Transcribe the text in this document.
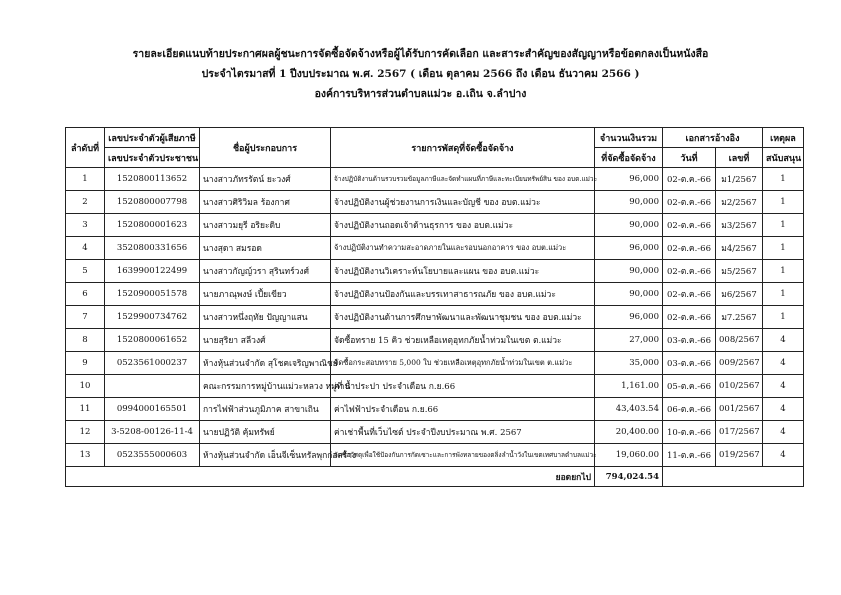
รายละเอียดแนบท้ายประกาศผลผู้ชนะการจัดซื้อจัดจ้างหรือผู้ได้รับการคัดเลือก และสาระสำคัญของสัญญาหรือข้อตกลงเป็นหนังสือ
ประจำไตรมาสที่ 1 ปีงบประมาณ พ.ศ. 2567 ( เดือน ตุลาคม 2566 ถึง เดือน ธันวาคม 2566 )
องค์การบริหารส่วนตำบลแม่วะ อ.เถิน จ.ลำปาง
ลำดับที่	เลขประจำตัวผู้เสียภาษี	ชื่อผู้ประกอบการ	รายการพัสดุที่จัดซื้อจัดจ้าง	จำนวนเงินรวม	เอกสารอ้างอิง		เหตุผล
	เลขประจำตัวประชาชน			ที่จัดซื้อจัดจ้าง	วันที่	เลขที่	สนับสนุน
1	1520800113652	นางสาวภัทรรัตน์ ยะวงศ์	จ้างปฏิบัติงานด้านรวบรวมข้อมูลภาษีและจัดทำแผนที่ภาษีและทะเบียนทรัพย์สิน ของ อบต.แม่วะ	96,000	02-ต.ค.-66	ม1/2567	1
2	1520800007798	นางสาวศิริวิมล ร้องกาศ	จ้างปฏิบัติงานผู้ช่วยงานการเงินและบัญชี ของ อบต.แม่วะ	90,000	02-ต.ค.-66	ม2/2567	1
3	1520800001623	นางสาวมยุรี อริยะดิบ	จ้างปฏิบัติงานถอดเจ้าด้านธุรการ ของ อบต.แม่วะ	90,000	02-ต.ค.-66	ม3/2567	1
4	3520800331656	นางสุดา สมรอด	จ้างปฏิบัติงานทำความสะอาดภายในและรอบนอกอาคาร ของ อบต.แม่วะ	96,000	02-ต.ค.-66	ม4/2567	1
5	1639900122499	นางสาวกัญญ์วรา สุรินทร์วงศ์	จ้างปฏิบัติงานวิเคราะห์นโยบายและแผน ของ อบต.แม่วะ	90,000	02-ต.ค.-66	ม5/2567	1
6	1520900051578	นายภาณุพงษ์ เปี้ยเขียว	จ้างปฏิบัติงานป้องกันและบรรเทาสาธารณภัย ของ อบต.แม่วะ	90,000	02-ต.ค.-66	ม6/2567	1
7	1529900734762	นางสาวหนึ่งฤทัย ปัญญาแสน	จ้างปฏิบัติงานด้านการศึกษาพัฒนาและพัฒนาชุมชน ของ อบต.แม่วะ	96,000	02-ต.ค.-66	ม7.2567	1
8	1520800061652	นายสุริยา สลีวงศ์	จัดซื้อทราย 15 คิว ช่วยเหลือเหตุอุทกภัยน้ำท่วมในเขต ต.แม่วะ	27,000	03-ต.ค.-66	008/2567	4
9	0523561000237	ห้างหุ้นส่วนจำกัด สุโชคเจริญพาณิชย์	จัดซื้อกระสอบทราย 5,000 ใบ ช่วยเหลือเหตุอุทกภัยน้ำท่วมในเขต ต.แม่วะ	35,000	03-ต.ค.-66	009/2567	4
10		คณะกรรมการหมู่บ้านแม่วะหลวง หมู่ที่ 8	ค่าน้ำประปา ประจำเดือน ก.ย.66	1,161.00	05-ต.ค.-66	010/2567	4
11	0994000165501	การไฟฟ้าส่วนภูมิภาค สาขาเถิน	ค่าไฟฟ้าประจำเดือน ก.ย.66	43,403.54	06-ต.ค.-66	001/2567	4
12	3-5208-00126-11-4	นายปฏิวัติ คุ้มทรัพย์	ค่าเช่าพื้นที่เว็บไซต์ ประจำปีงบประมาณ พ.ศ. 2567	20,400.00	10-ต.ค.-66	017/2567	4
13	0523555000603	ห้างหุ้นส่วนจำกัด เอ็นจีเซ็นทรัลพุกก่อสร้าง	จัดซื้อวัสดุเพื่อใช้ป้องกันการกัดเซาะและการพังทลายของตลิ่งลำน้ำวังในเขตเทศบาลตำบลแม่วะ	19,060.00	11-ต.ค.-66	019/2567	4
ยอดยกไป				794,024.54			
